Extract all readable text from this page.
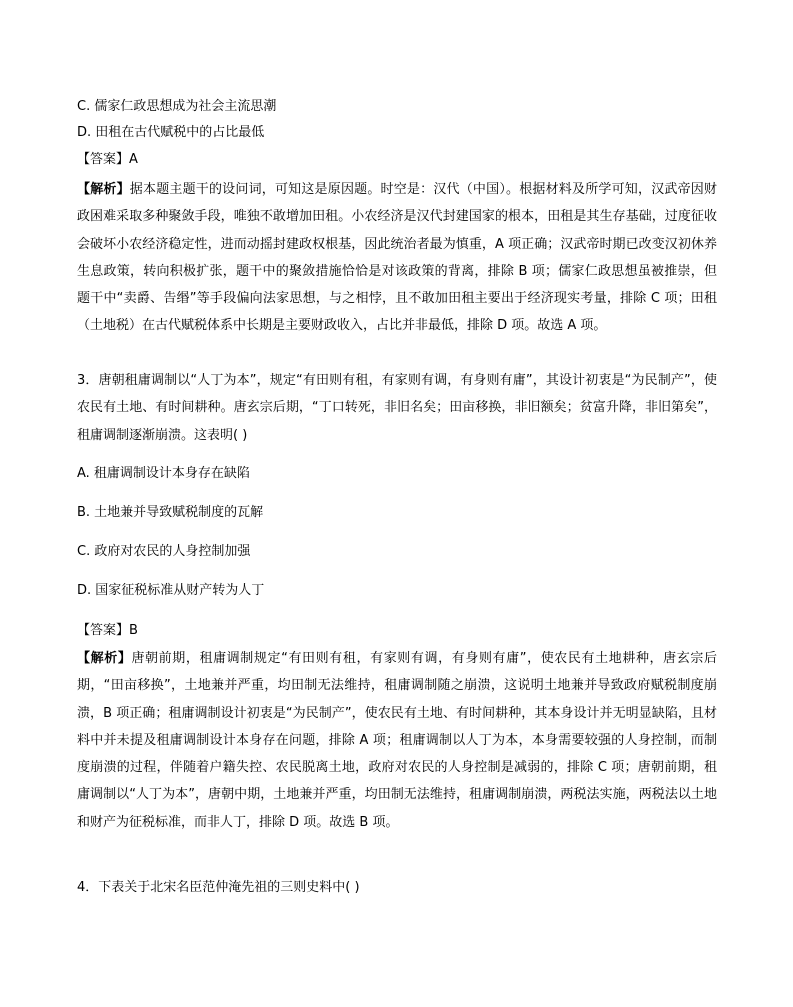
C. 儒家仁政思想成为社会主流思潮
D. 田租在古代赋税中的占比最低
【答案】A
【解析】据本题主题干的设问词，可知这是原因题。时空是：汉代（中国）。根据材料及所学可知，汉武帝因财政困难采取多种聚敛手段，唯独不敢增加田租。小农经济是汉代封建国家的根本，田租是其生存基础，过度征收会破坏小农经济稳定性，进而动摇封建政权根基，因此统治者最为慎重，A 项正确；汉武帝时期已改变汉初休养生息政策，转向积极扩张，题干中的聚敛措施恰恰是对该政策的背离，排除 B 项；儒家仁政思想虽被推崇，但题干中“卖爵、告缗”等手段偏向法家思想，与之相悖，且不敢加田租主要出于经济现实考量，排除 C 项；田租（土地税）在古代赋税体系中长期是主要财政收入，占比并非最低，排除 D 项。故选 A 项。
3．唐朝租庸调制以“人丁为本”，规定“有田则有租，有家则有调，有身则有庸”，其设计初衷是“为民制产”，使农民有土地、有时间耕种。唐玄宗后期，“丁口转死，非旧名矣；田亩移换，非旧额矣；贫富升降，非旧第矣”，租庸调制逐渐崩溃。这表明( )
A. 租庸调制设计本身存在缺陷
B. 土地兼并导致赋税制度的瓦解
C. 政府对农民的人身控制加强
D. 国家征税标准从财产转为人丁
【答案】B
【解析】唐朝前期，租庸调制规定“有田则有租，有家则有调，有身则有庸”，使农民有土地耕种，唐玄宗后期，“田亩移换”，土地兼并严重，均田制无法维持，租庸调制随之崩溃，这说明土地兼并导致政府赋税制度崩溃，B 项正确；租庸调制设计初衷是“为民制产”，使农民有土地、有时间耕种，其本身设计并无明显缺陷，且材料中并未提及租庸调制设计本身存在问题，排除 A 项；租庸调制以人丁为本，本身需要较强的人身控制，而制度崩溃的过程，伴随着户籍失控、农民脱离土地，政府对农民的人身控制是减弱的，排除 C 项；唐朝前期，租庸调制以“人丁为本”，唐朝中期，土地兼并严重，均田制无法维持，租庸调制崩溃，两税法实施，两税法以土地和财产为征税标准，而非人丁，排除 D 项。故选 B 项。
4．下表关于北宋名臣范仲淹先祖的三则史料中( )
